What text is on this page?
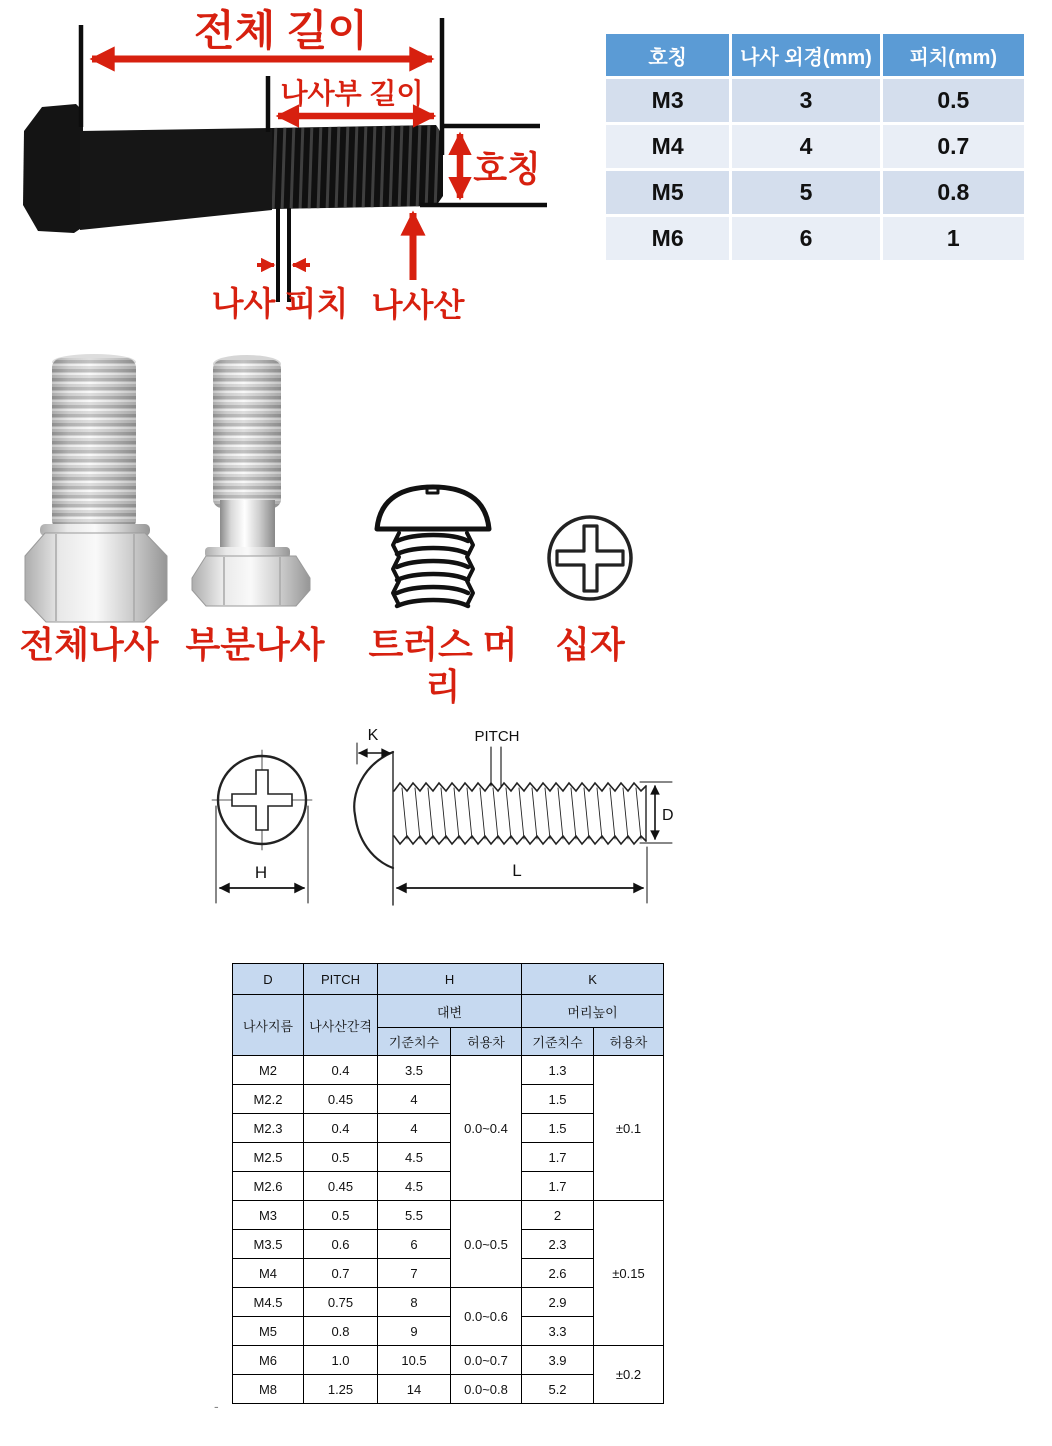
전체 길이
나사부 길이
호칭
나사 피치 나사산
호칭	나사 외경(mm)	피치(mm)
M3	3	0.5
M4	4	0.7
M5	5	0.8
M6	6	1
전체나사 부분나사	트러스 머리
십자
H
K	PITCH
D
L
D	PITCH	H		K	
나사지름	나사산간격	대변		머리높이	
		기준치수	허용차	기준치수	허용차
M2	0.4	3.5	0.0~0.4	1.3	±0.1
M2.2	0.45	4		1.5	
M2.3	0.4	4		1.5	
M2.5	0.5	4.5		1.7	
M2.6	0.45	4.5		1.7	
M3	0.5	5.5	0.0~0.5	2	±0.15
M3.5	0.6	6		2.3	
M4	0.7	7		2.6	
M4.5	0.75	8	0.0~0.6	2.9	
M5	0.8	9		3.3	
M6	1.0	10.5	0.0~0.7	3.9	±0.2
M8	1.25	14	0.0~0.8	5.2	
-
